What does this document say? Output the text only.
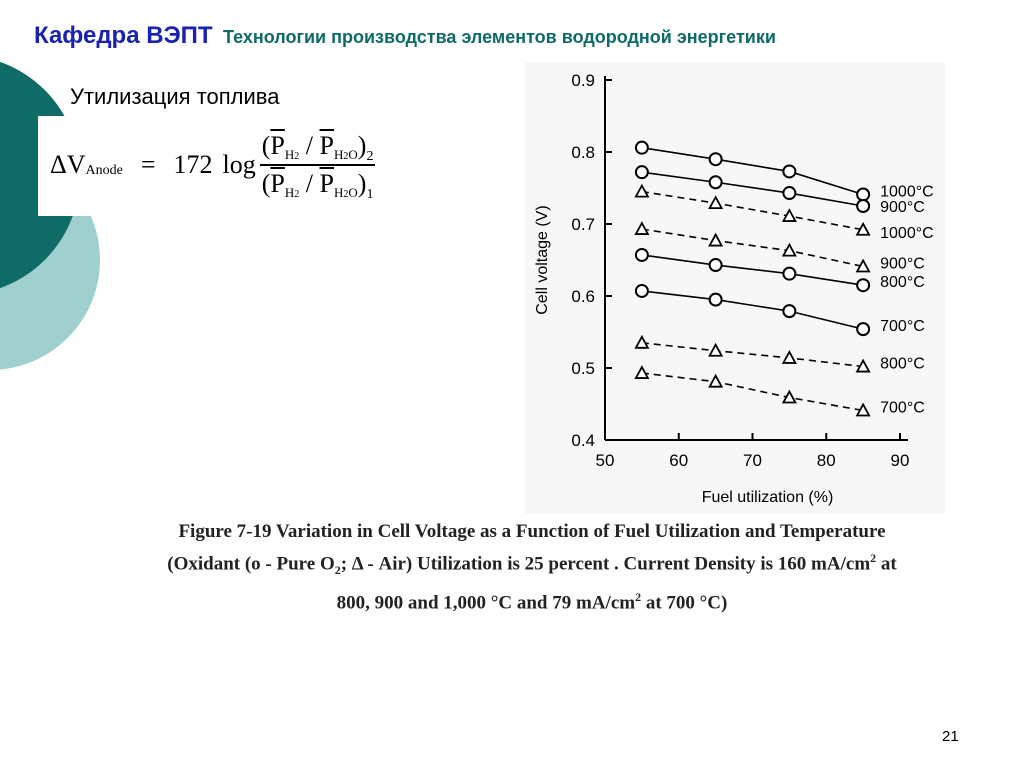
Кафедра ВЭПТ Технологии производства элементов водородной энергетики
Утилизация топлива
Δ V Anode = 172 $\log \frac{(\overline{P}H2 / \overline{P}H2O)_2}{(\overline{P}H2 / \overline{P}H2O)_1}$
0.4
0.5
0.6
0.7
0.8
0.9
50	60	70	80	90
Fuel utilization (%)
Cell voltage (V)
1000°C
900°C
1000°C
900°C
800°C
700°C
800°C
700°C
Figure 7-19 Variation in Cell Voltage as a Function of Fuel Utilization and Temperature
(Oxidant (o - Pure $O_2$; Δ - Air) Utilization is 25 percent . Current Density is 160 $mA/cm^2$ at
800, 900 and 1,000 °C and 79 $mA/cm^2$ at 700 °C)
21
